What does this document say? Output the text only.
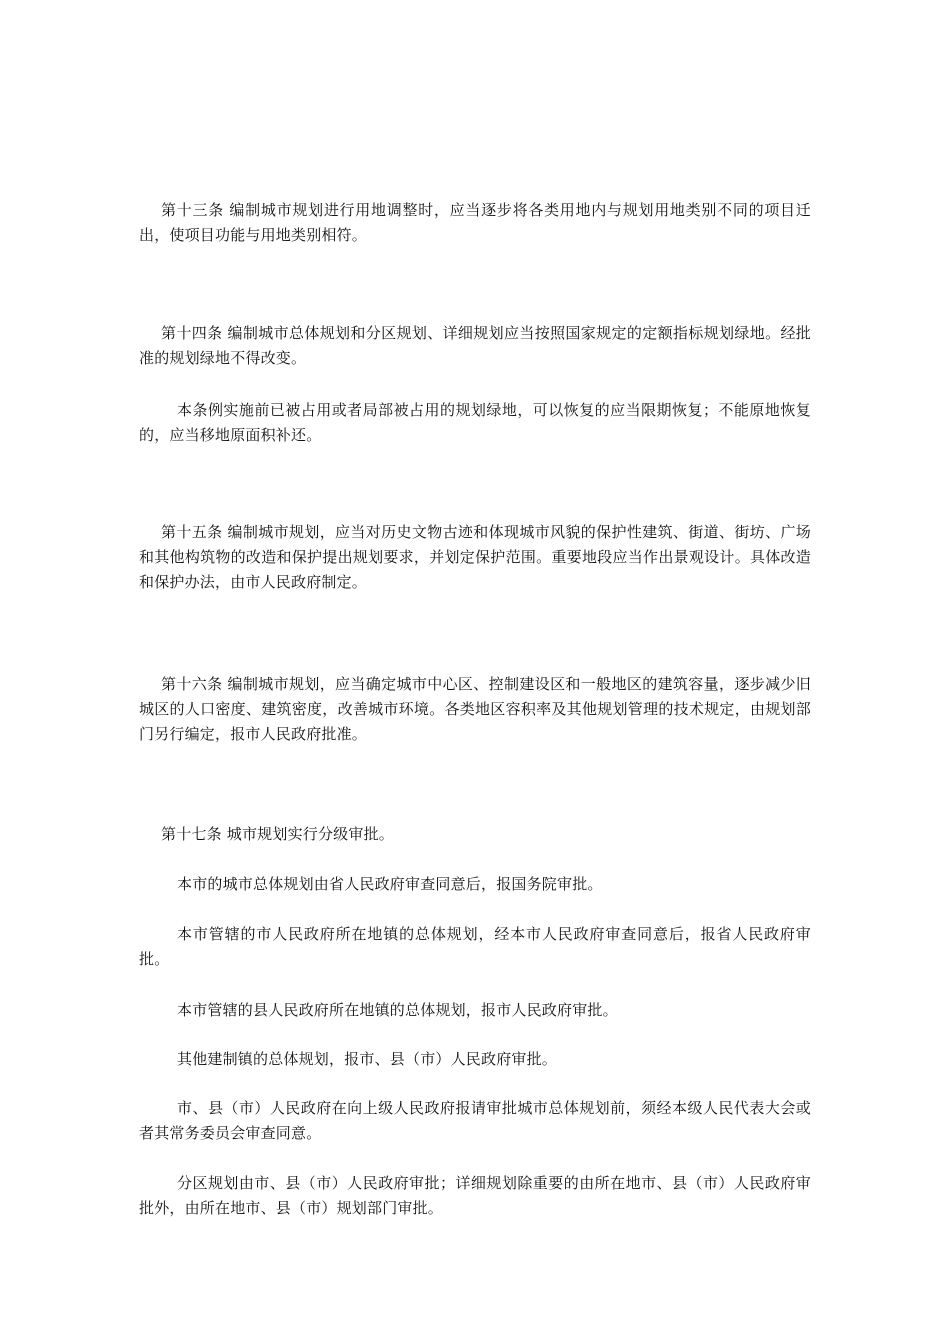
第十三条 编制城市规划进行用地调整时，应当逐步将各类用地内与规划用地类别不同的项目迁出，使项目功能与用地类别相符。

第十四条 编制城市总体规划和分区规划、详细规划应当按照国家规定的定额指标规划绿地。经批准的规划绿地不得改变。

本条例实施前已被占用或者局部被占用的规划绿地，可以恢复的应当限期恢复；不能原地恢复的，应当移地原面积补还。

第十五条 编制城市规划，应当对历史文物古迹和体现城市风貌的保护性建筑、街道、街坊、广场和其他构筑物的改造和保护提出规划要求，并划定保护范围。重要地段应当作出景观设计。具体改造和保护办法，由市人民政府制定。

第十六条 编制城市规划，应当确定城市中心区、控制建设区和一般地区的建筑容量，逐步减少旧城区的人口密度、建筑密度，改善城市环境。各类地区容积率及其他规划管理的技术规定，由规划部门另行编定，报市人民政府批准。

第十七条 城市规划实行分级审批。

本市的城市总体规划由省人民政府审查同意后，报国务院审批。

本市管辖的市人民政府所在地镇的总体规划，经本市人民政府审查同意后，报省人民政府审批。

本市管辖的县人民政府所在地镇的总体规划，报市人民政府审批。

其他建制镇的总体规划，报市、县（市）人民政府审批。

市、县（市）人民政府在向上级人民政府报请审批城市总体规划前，须经本级人民代表大会或者其常务委员会审查同意。

分区规划由市、县（市）人民政府审批；详细规划除重要的由所在地市、县（市）人民政府审批外，由所在地市、县（市）规划部门审批。
